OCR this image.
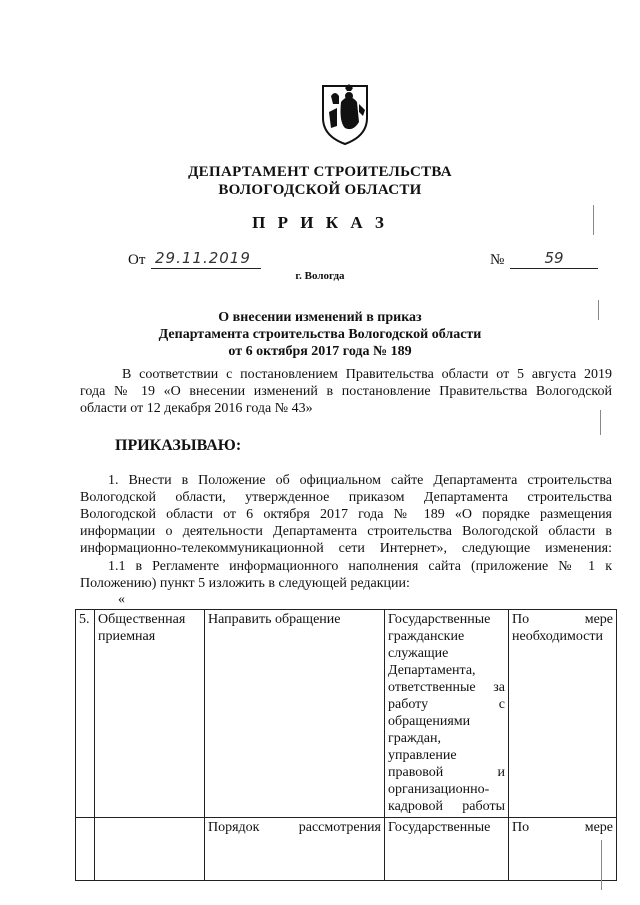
ДЕПАРТАМЕНТ СТРОИТЕЛЬСТВА
ВОЛОГОДСКОЙ ОБЛАСТИ
П Р И К А З
От 29.11.2019	№	59
г. Вологда
О внесении изменений в приказ
Департамента строительства Вологодской области
от 6 октября 2017 года № 189
В соответствии с постановлением Правительства области от 5 августа 2019
года № 19 «О внесении изменений в постановление Правительства Вологодской
области от 12 декабря 2016 года № 43»
ПРИКАЗЫВАЮ:
1. Внести в Положение об официальном сайте Департамента строительства
Вологодской области, утвержденное приказом Департамента строительства
Вологодской области от 6 октября 2017 года № 189 «О порядке размещения
информации о деятельности Департамента строительства Вологодской области в
информационно-телекоммуникационной сети Интернет», следующие изменения:
1.1 в Регламенте информационного наполнения сайта (приложение № 1 к
Положению) пункт 5 изложить в следующей редакции:
«
5.	Общественная приемная	Направить обращение	Государственные гражданские служащие Департамента, ответственные за работу с обращениями граждан, управление правовой и организационно-кадровой работы	По мере
необходимости

		Порядок рассмотрения	Государственные	По мере
